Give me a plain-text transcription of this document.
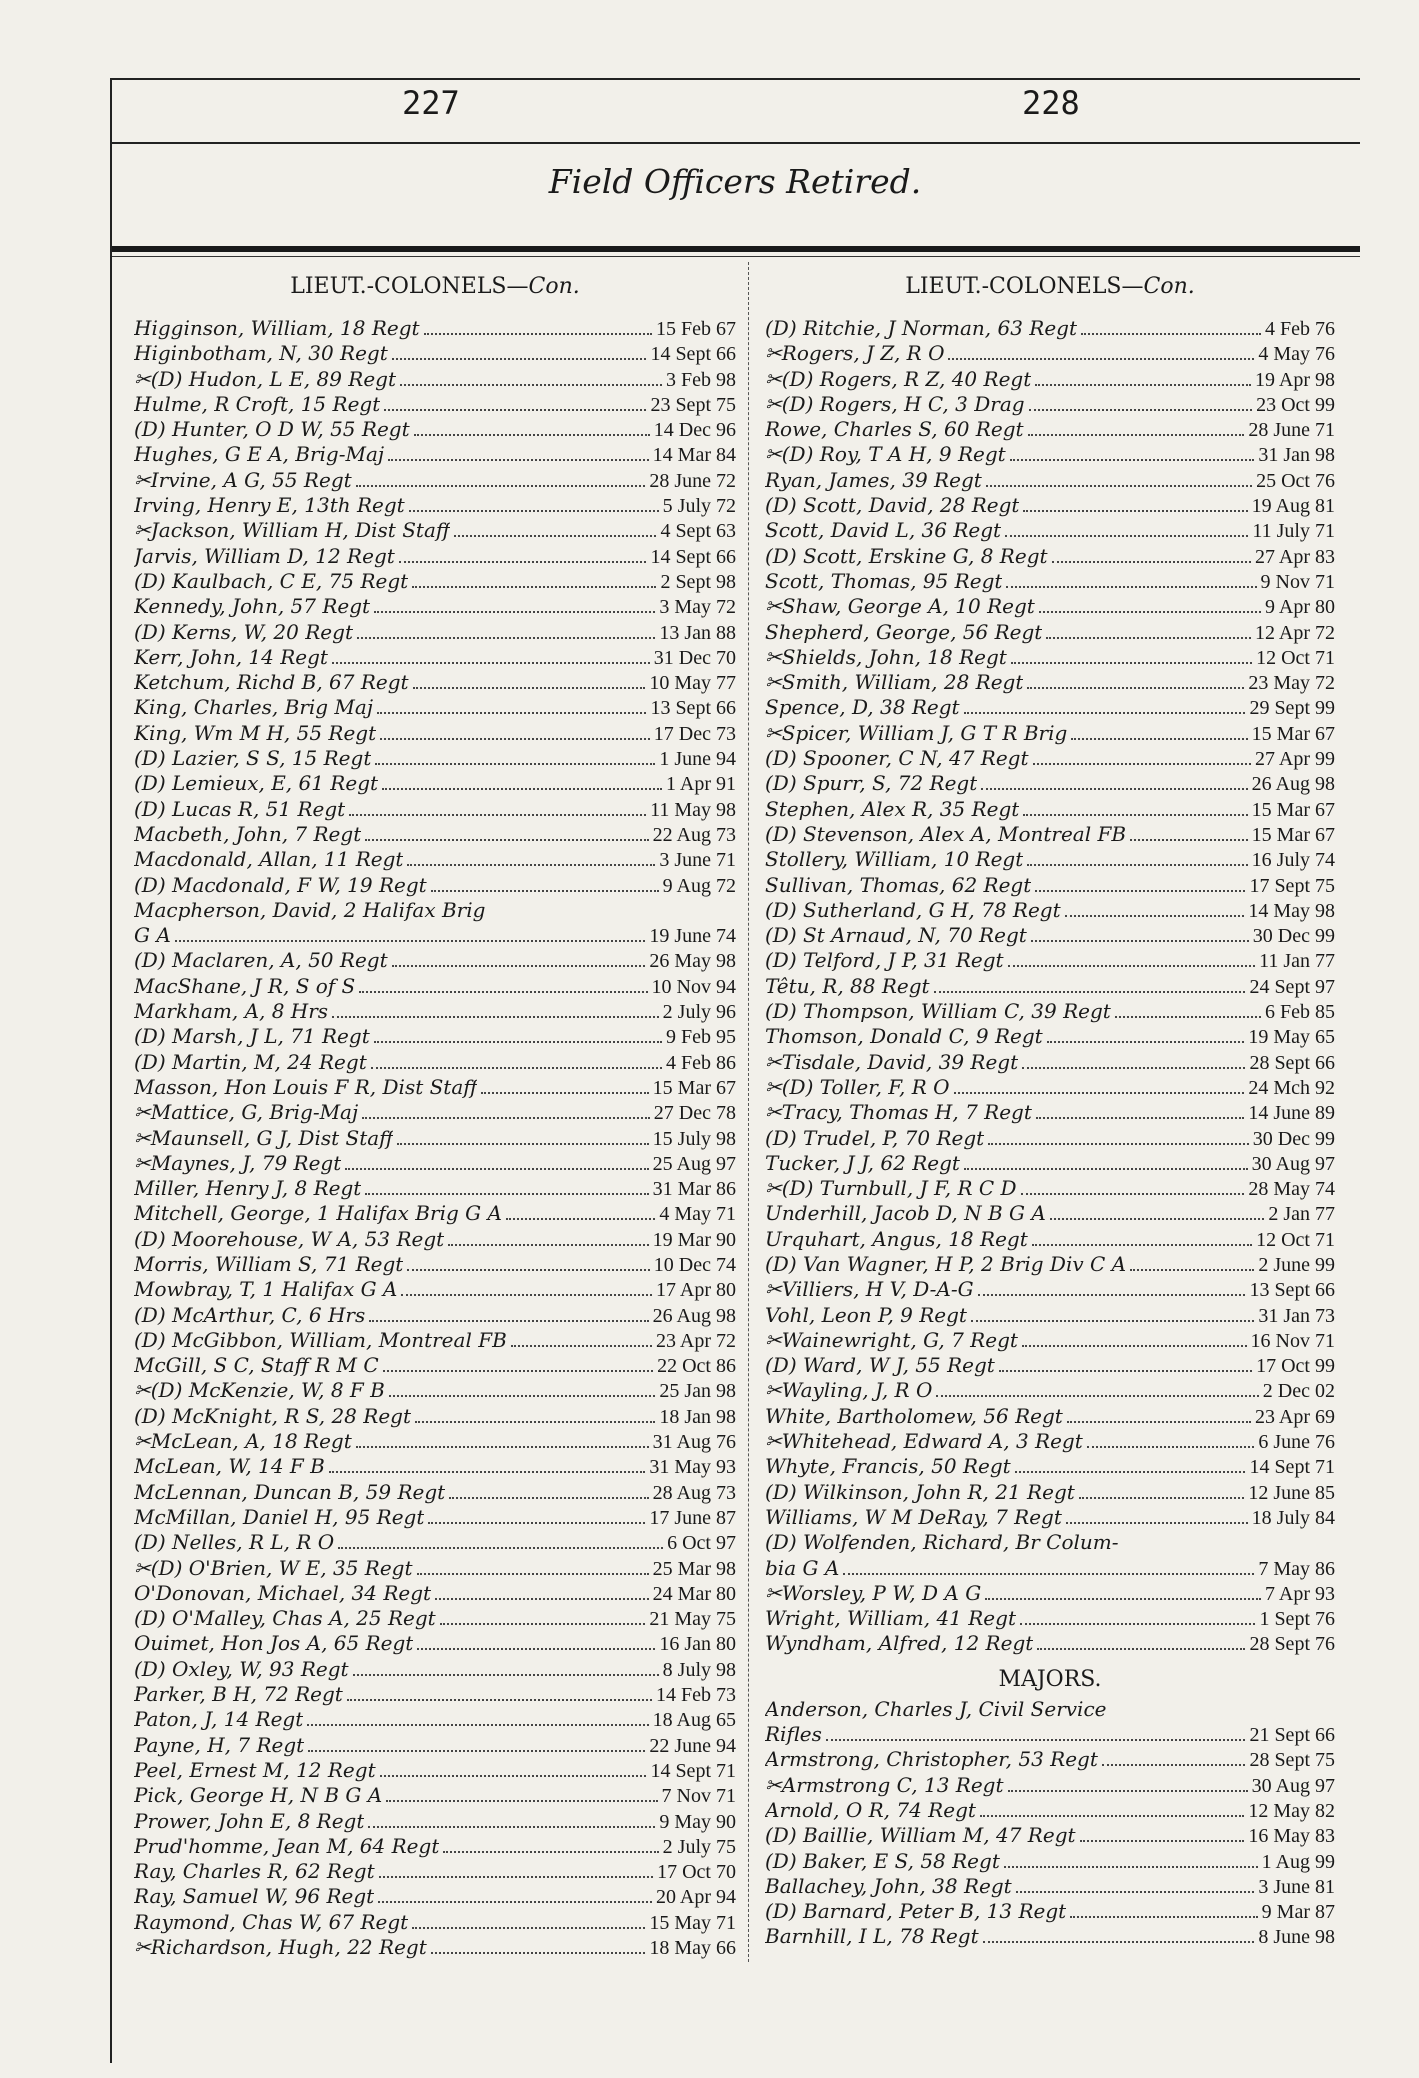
227	228
Field Officers Retired.
LIEUT.-COLONELS—Con.
Higginson, William, 18 Regt	15 Feb 67
Higinbotham, N, 30 Regt	14 Sept 66
✂(D) Hudon, L E, 89 Regt	3 Feb 98
Hulme, R Croft, 15 Regt	23 Sept 75
(D) Hunter, O D W, 55 Regt	14 Dec 96
Hughes, G E A, Brig-Maj	14 Mar 84
✂Irvine, A G, 55 Regt	28 June 72
Irving, Henry E, 13th Regt	5 July 72
✂Jackson, William H, Dist Staff	4 Sept 63
Jarvis, William D, 12 Regt	14 Sept 66
(D) Kaulbach, C E, 75 Regt	2 Sept 98
Kennedy, John, 57 Regt	3 May 72
(D) Kerns, W, 20 Regt	13 Jan 88
Kerr, John, 14 Regt	31 Dec 70
Ketchum, Richd B, 67 Regt	10 May 77
King, Charles, Brig Maj	13 Sept 66
King, Wm M H, 55 Regt	17 Dec 73
(D) Lazier, S S, 15 Regt	1 June 94
(D) Lemieux, E, 61 Regt	1 Apr 91
(D) Lucas R, 51 Regt	11 May 98
Macbeth, John, 7 Regt	22 Aug 73
Macdonald, Allan, 11 Regt	3 June 71
(D) Macdonald, F W, 19 Regt	9 Aug 72
Macpherson, David, 2 Halifax Brig
G A	19 June 74
(D) Maclaren, A, 50 Regt	26 May 98
MacShane, J R, S of S	10 Nov 94
Markham, A, 8 Hrs	2 July 96
(D) Marsh, J L, 71 Regt	9 Feb 95
(D) Martin, M, 24 Regt	4 Feb 86
Masson, Hon Louis F R, Dist Staff	15 Mar 67
✂Mattice, G, Brig-Maj	27 Dec 78
✂Maunsell, G J, Dist Staff	15 July 98
✂Maynes, J, 79 Regt	25 Aug 97
Miller, Henry J, 8 Regt	31 Mar 86
Mitchell, George, 1 Halifax Brig G A	4 May 71
(D) Moorehouse, W A, 53 Regt	19 Mar 90
Morris, William S, 71 Regt	10 Dec 74
Mowbray, T, 1 Halifax G A	17 Apr 80
(D) McArthur, C, 6 Hrs	26 Aug 98
(D) McGibbon, William, Montreal FB	23 Apr 72
McGill, S C, Staff R M C	22 Oct 86
✂(D) McKenzie, W, 8 F B	25 Jan 98
(D) McKnight, R S, 28 Regt	18 Jan 98
✂McLean, A, 18 Regt	31 Aug 76
McLean, W, 14 F B	31 May 93
McLennan, Duncan B, 59 Regt	28 Aug 73
McMillan, Daniel H, 95 Regt	17 June 87
(D) Nelles, R L, R O	6 Oct 97
✂(D) O'Brien, W E, 35 Regt	25 Mar 98
O'Donovan, Michael, 34 Regt	24 Mar 80
(D) O'Malley, Chas A, 25 Regt	21 May 75
Ouimet, Hon Jos A, 65 Regt	16 Jan 80
(D) Oxley, W, 93 Regt	8 July 98
Parker, B H, 72 Regt	14 Feb 73
Paton, J, 14 Regt	18 Aug 65
Payne, H, 7 Regt	22 June 94
Peel, Ernest M, 12 Regt	14 Sept 71
Pick, George H, N B G A	7 Nov 71
Prower, John E, 8 Regt	9 May 90
Prud'homme, Jean M, 64 Regt	2 July 75
Ray, Charles R, 62 Regt	17 Oct 70
Ray, Samuel W, 96 Regt	20 Apr 94
Raymond, Chas W, 67 Regt	15 May 71
✂Richardson, Hugh, 22 Regt	18 May 66
LIEUT.-COLONELS—Con.
(D) Ritchie, J Norman, 63 Regt	4 Feb 76
✂Rogers, J Z, R O	4 May 76
✂(D) Rogers, R Z, 40 Regt	19 Apr 98
✂(D) Rogers, H C, 3 Drag	23 Oct 99
Rowe, Charles S, 60 Regt	28 June 71
✂(D) Roy, T A H, 9 Regt	31 Jan 98
Ryan, James, 39 Regt	25 Oct 76
(D) Scott, David, 28 Regt	19 Aug 81
Scott, David L, 36 Regt	11 July 71
(D) Scott, Erskine G, 8 Regt	27 Apr 83
Scott, Thomas, 95 Regt	9 Nov 71
✂Shaw, George A, 10 Regt	9 Apr 80
Shepherd, George, 56 Regt	12 Apr 72
✂Shields, John, 18 Regt	12 Oct 71
✂Smith, William, 28 Regt	23 May 72
Spence, D, 38 Regt	29 Sept 99
✂Spicer, William J, G T R Brig	15 Mar 67
(D) Spooner, C N, 47 Regt	27 Apr 99
(D) Spurr, S, 72 Regt	26 Aug 98
Stephen, Alex R, 35 Regt	15 Mar 67
(D) Stevenson, Alex A, Montreal FB	15 Mar 67
Stollery, William, 10 Regt	16 July 74
Sullivan, Thomas, 62 Regt	17 Sept 75
(D) Sutherland, G H, 78 Regt	14 May 98
(D) St Arnaud, N, 70 Regt	30 Dec 99
(D) Telford, J P, 31 Regt	11 Jan 77
Têtu, R, 88 Regt	24 Sept 97
(D) Thompson, William C, 39 Regt	6 Feb 85
Thomson, Donald C, 9 Regt	19 May 65
✂Tisdale, David, 39 Regt	28 Sept 66
✂(D) Toller, F, R O	24 Mch 92
✂Tracy, Thomas H, 7 Regt	14 June 89
(D) Trudel, P, 70 Regt	30 Dec 99
Tucker, J J, 62 Regt	30 Aug 97
✂(D) Turnbull, J F, R C D	28 May 74
Underhill, Jacob D, N B G A	2 Jan 77
Urquhart, Angus, 18 Regt	12 Oct 71
(D) Van Wagner, H P, 2 Brig Div C A	2 June 99
✂Villiers, H V, D-A-G	13 Sept 66
Vohl, Leon P, 9 Regt	31 Jan 73
✂Wainewright, G, 7 Regt	16 Nov 71
(D) Ward, W J, 55 Regt	17 Oct 99
✂Wayling, J, R O	2 Dec 02
White, Bartholomew, 56 Regt	23 Apr 69
✂Whitehead, Edward A, 3 Regt	6 June 76
Whyte, Francis, 50 Regt	14 Sept 71
(D) Wilkinson, John R, 21 Regt	12 June 85
Williams, W M DeRay, 7 Regt	18 July 84
(D) Wolfenden, Richard, Br Colum-
bia G A	7 May 86
✂Worsley, P W, D A G	7 Apr 93
Wright, William, 41 Regt	1 Sept 76
Wyndham, Alfred, 12 Regt	28 Sept 76
MAJORS.
Anderson, Charles J, Civil Service
Rifles	21 Sept 66
Armstrong, Christopher, 53 Regt	28 Sept 75
✂Armstrong C, 13 Regt	30 Aug 97
Arnold, O R, 74 Regt	12 May 82
(D) Baillie, William M, 47 Regt	16 May 83
(D) Baker, E S, 58 Regt	1 Aug 99
Ballachey, John, 38 Regt	3 June 81
(D) Barnard, Peter B, 13 Regt	9 Mar 87
Barnhill, I L, 78 Regt	8 June 98
